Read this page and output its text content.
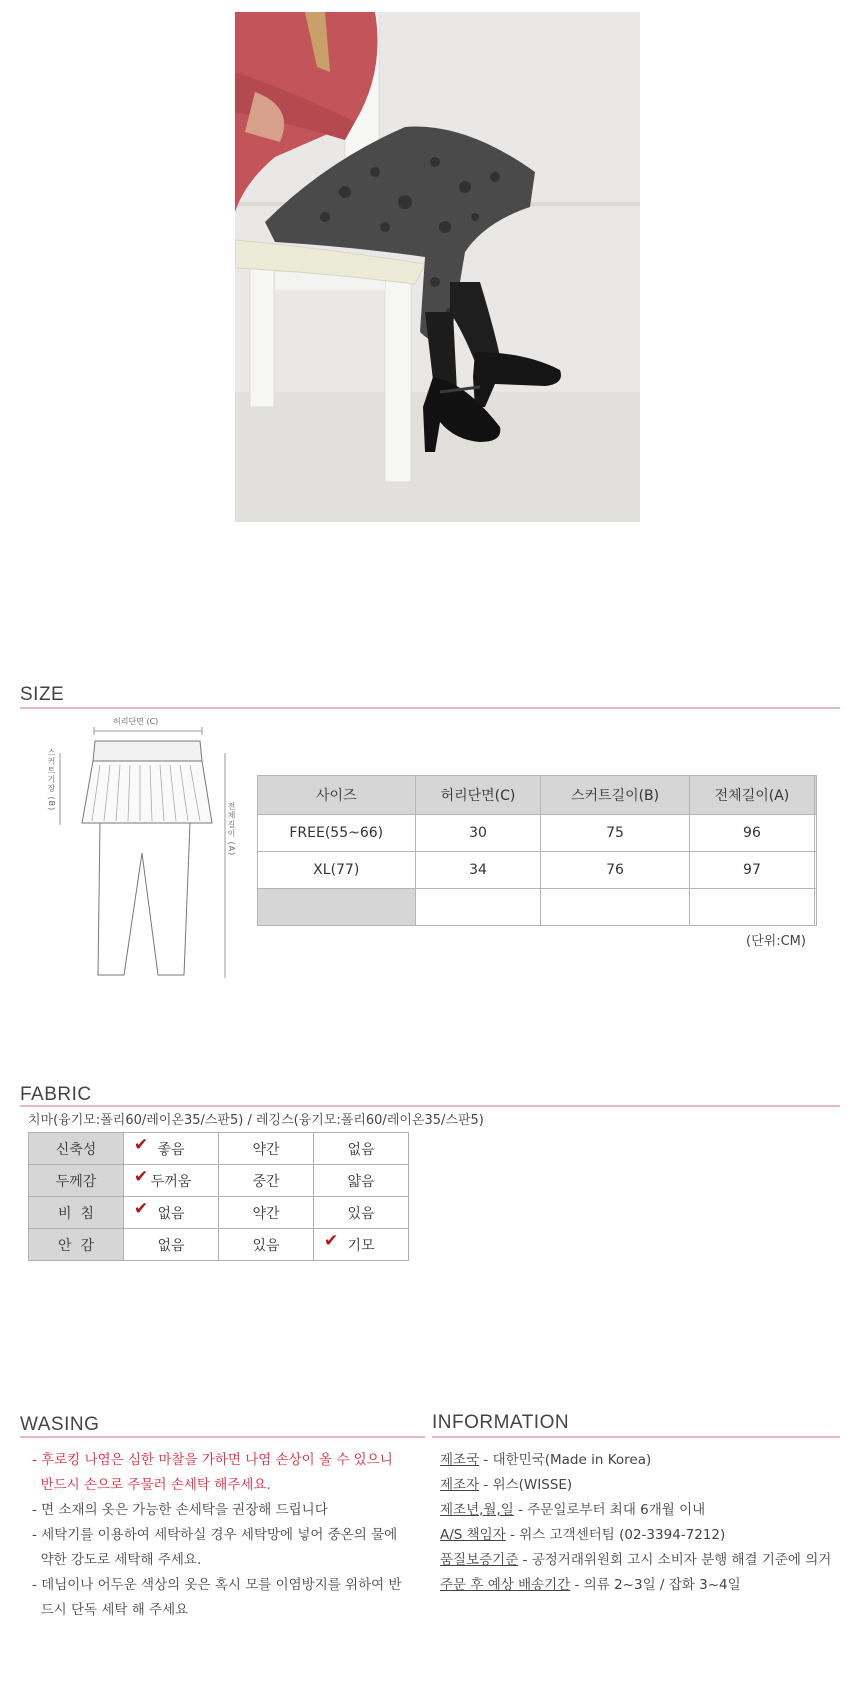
SIZE
허리단면 (C)
스커트기장 (B)
전체길이 (A)
사이즈	허리단면(C)	스커트길이(B)	전체길이(A)	
FREE(55~66)	30	75	96	
XL(77)	34	76	97	

(단위:CM)
FABRIC
치마(융기모:폴리60/레이온35/스판5) / 레깅스(융기모:폴리60/레이온35/스판5)
신축성	✔ 좋음	약간	없음
두께감	✔ 두꺼움	중간	얇음
비  침	✔ 없음	약간	있음
안  감	없음	있음	✔ 기모
WASING
- 후로킹 나염은 심한 마찰을 가하면 나염 손상이 올 수 있으니
반드시 손으로 주물러 손세탁 해주세요.
- 면 소재의 옷은 가능한 손세탁을 권장해 드립니다
- 세탁기를 이용하여 세탁하실 경우 세탁망에 넣어 중온의 물에
약한 강도로 세탁해 주세요.
- 데님이나 어두운 색상의 옷은 혹시 모를 이염방지를 위하여 반
드시 단독 세탁 해 주세요
INFORMATION
제조국 - 대한민국(Made in Korea)
제조자 - 위스(WISSE)
제조년,월,일 - 주문일로부터 최대 6개월 이내
A/S 책임자 - 위스 고객센터팀 (02-3394-7212)
품질보증기준 - 공정거래위원회 고시 소비자 분행 해결 기준에 의거
주문 후 예상 배송기간 - 의류 2~3일 / 잡화 3~4일
